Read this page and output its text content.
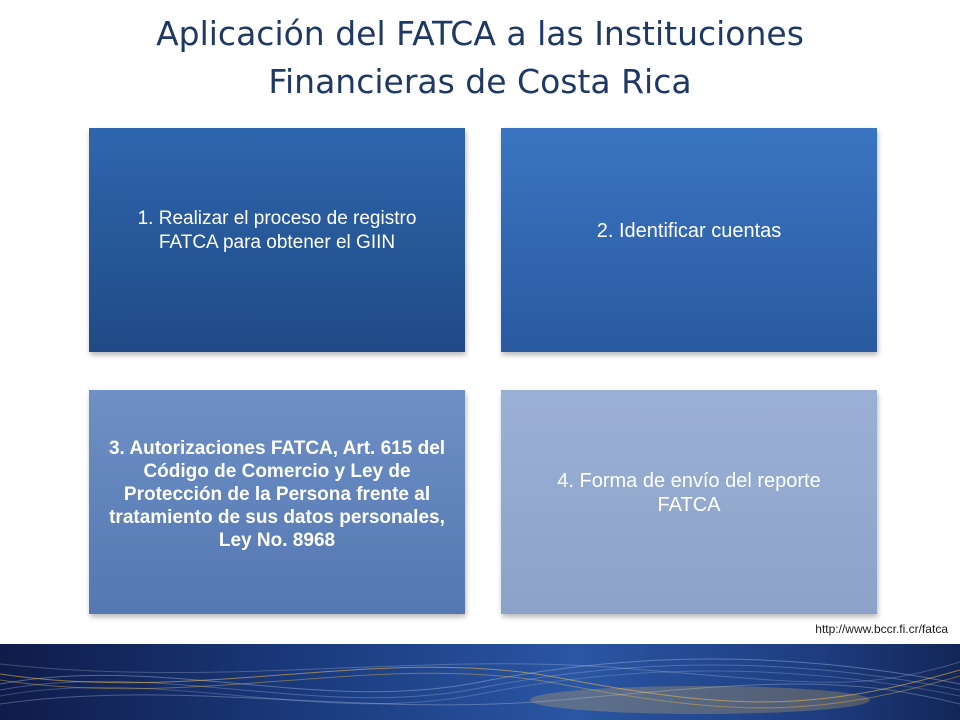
Aplicación del FATCA a las Instituciones
Financieras de Costa Rica
1. Realizar el proceso de registro FATCA para obtener el GIIN
2. Identificar cuentas
3. Autorizaciones FATCA, Art. 615 del Código de Comercio y Ley de Protección de la Persona frente al tratamiento de sus datos personales, Ley No. 8968
4. Forma de envío del reporte FATCA
http://www.bccr.fi.cr/fatca
